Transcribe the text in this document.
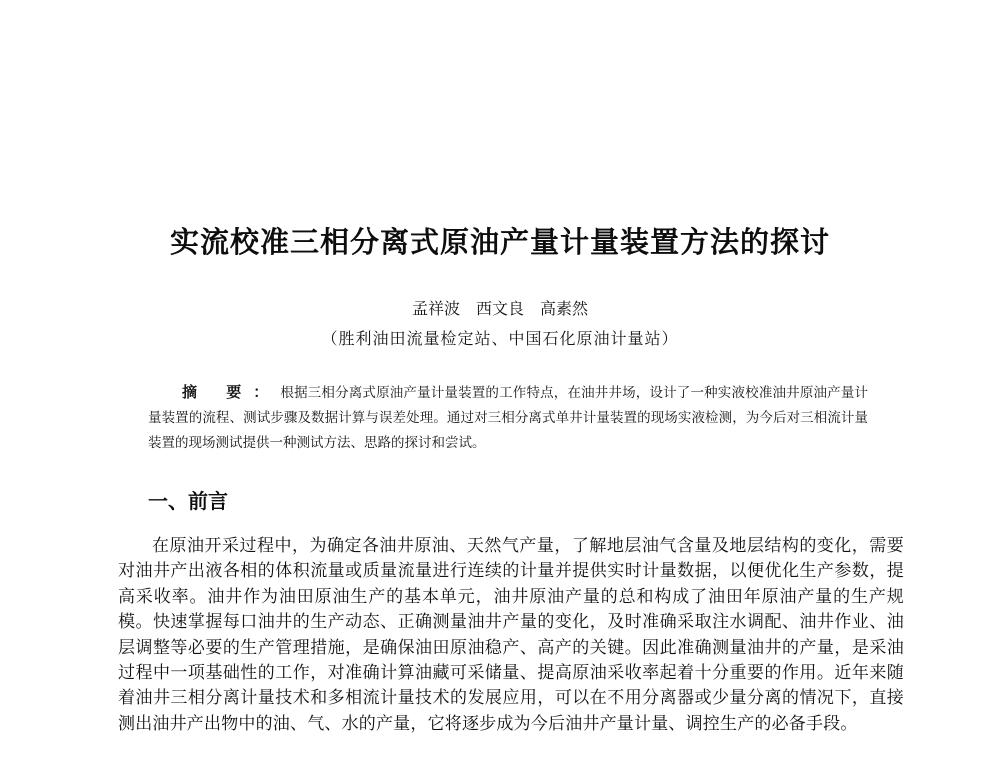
实流校准三相分离式原油产量计量装置方法的探讨
孟祥波　西文良　高素然
（胜利油田流量检定站、中国石化原油计量站）
摘 要：根据三相分离式原油产量计量装置的工作特点，在油井井场，设计了一种实液校准油井原油产量计量装置的流程、测试步骤及数据计算与误差处理。通过对三相分离式单井计量装置的现场实液检测，为今后对三相流计量装置的现场测试提供一种测试方法、思路的探讨和尝试。
一、前言
在原油开采过程中，为确定各油井原油、天然气产量，了解地层油气含量及地层结构的变化，需要对油井产出液各相的体积流量或质量流量进行连续的计量并提供实时计量数据，以便优化生产参数，提高采收率。油井作为油田原油生产的基本单元，油井原油产量的总和构成了油田年原油产量的生产规模。快速掌握每口油井的生产动态、正确测量油井产量的变化，及时准确采取注水调配、油井作业、油层调整等必要的生产管理措施，是确保油田原油稳产、高产的关键。因此准确测量油井的产量，是采油过程中一项基础性的工作，对准确计算油藏可采储量、提高原油采收率起着十分重要的作用。近年来随着油井三相分离计量技术和多相流计量技术的发展应用，可以在不用分离器或少量分离的情况下，直接测出油井产出物中的油、气、水的产量，它将逐步成为今后油井产量计量、调控生产的必备手段。
